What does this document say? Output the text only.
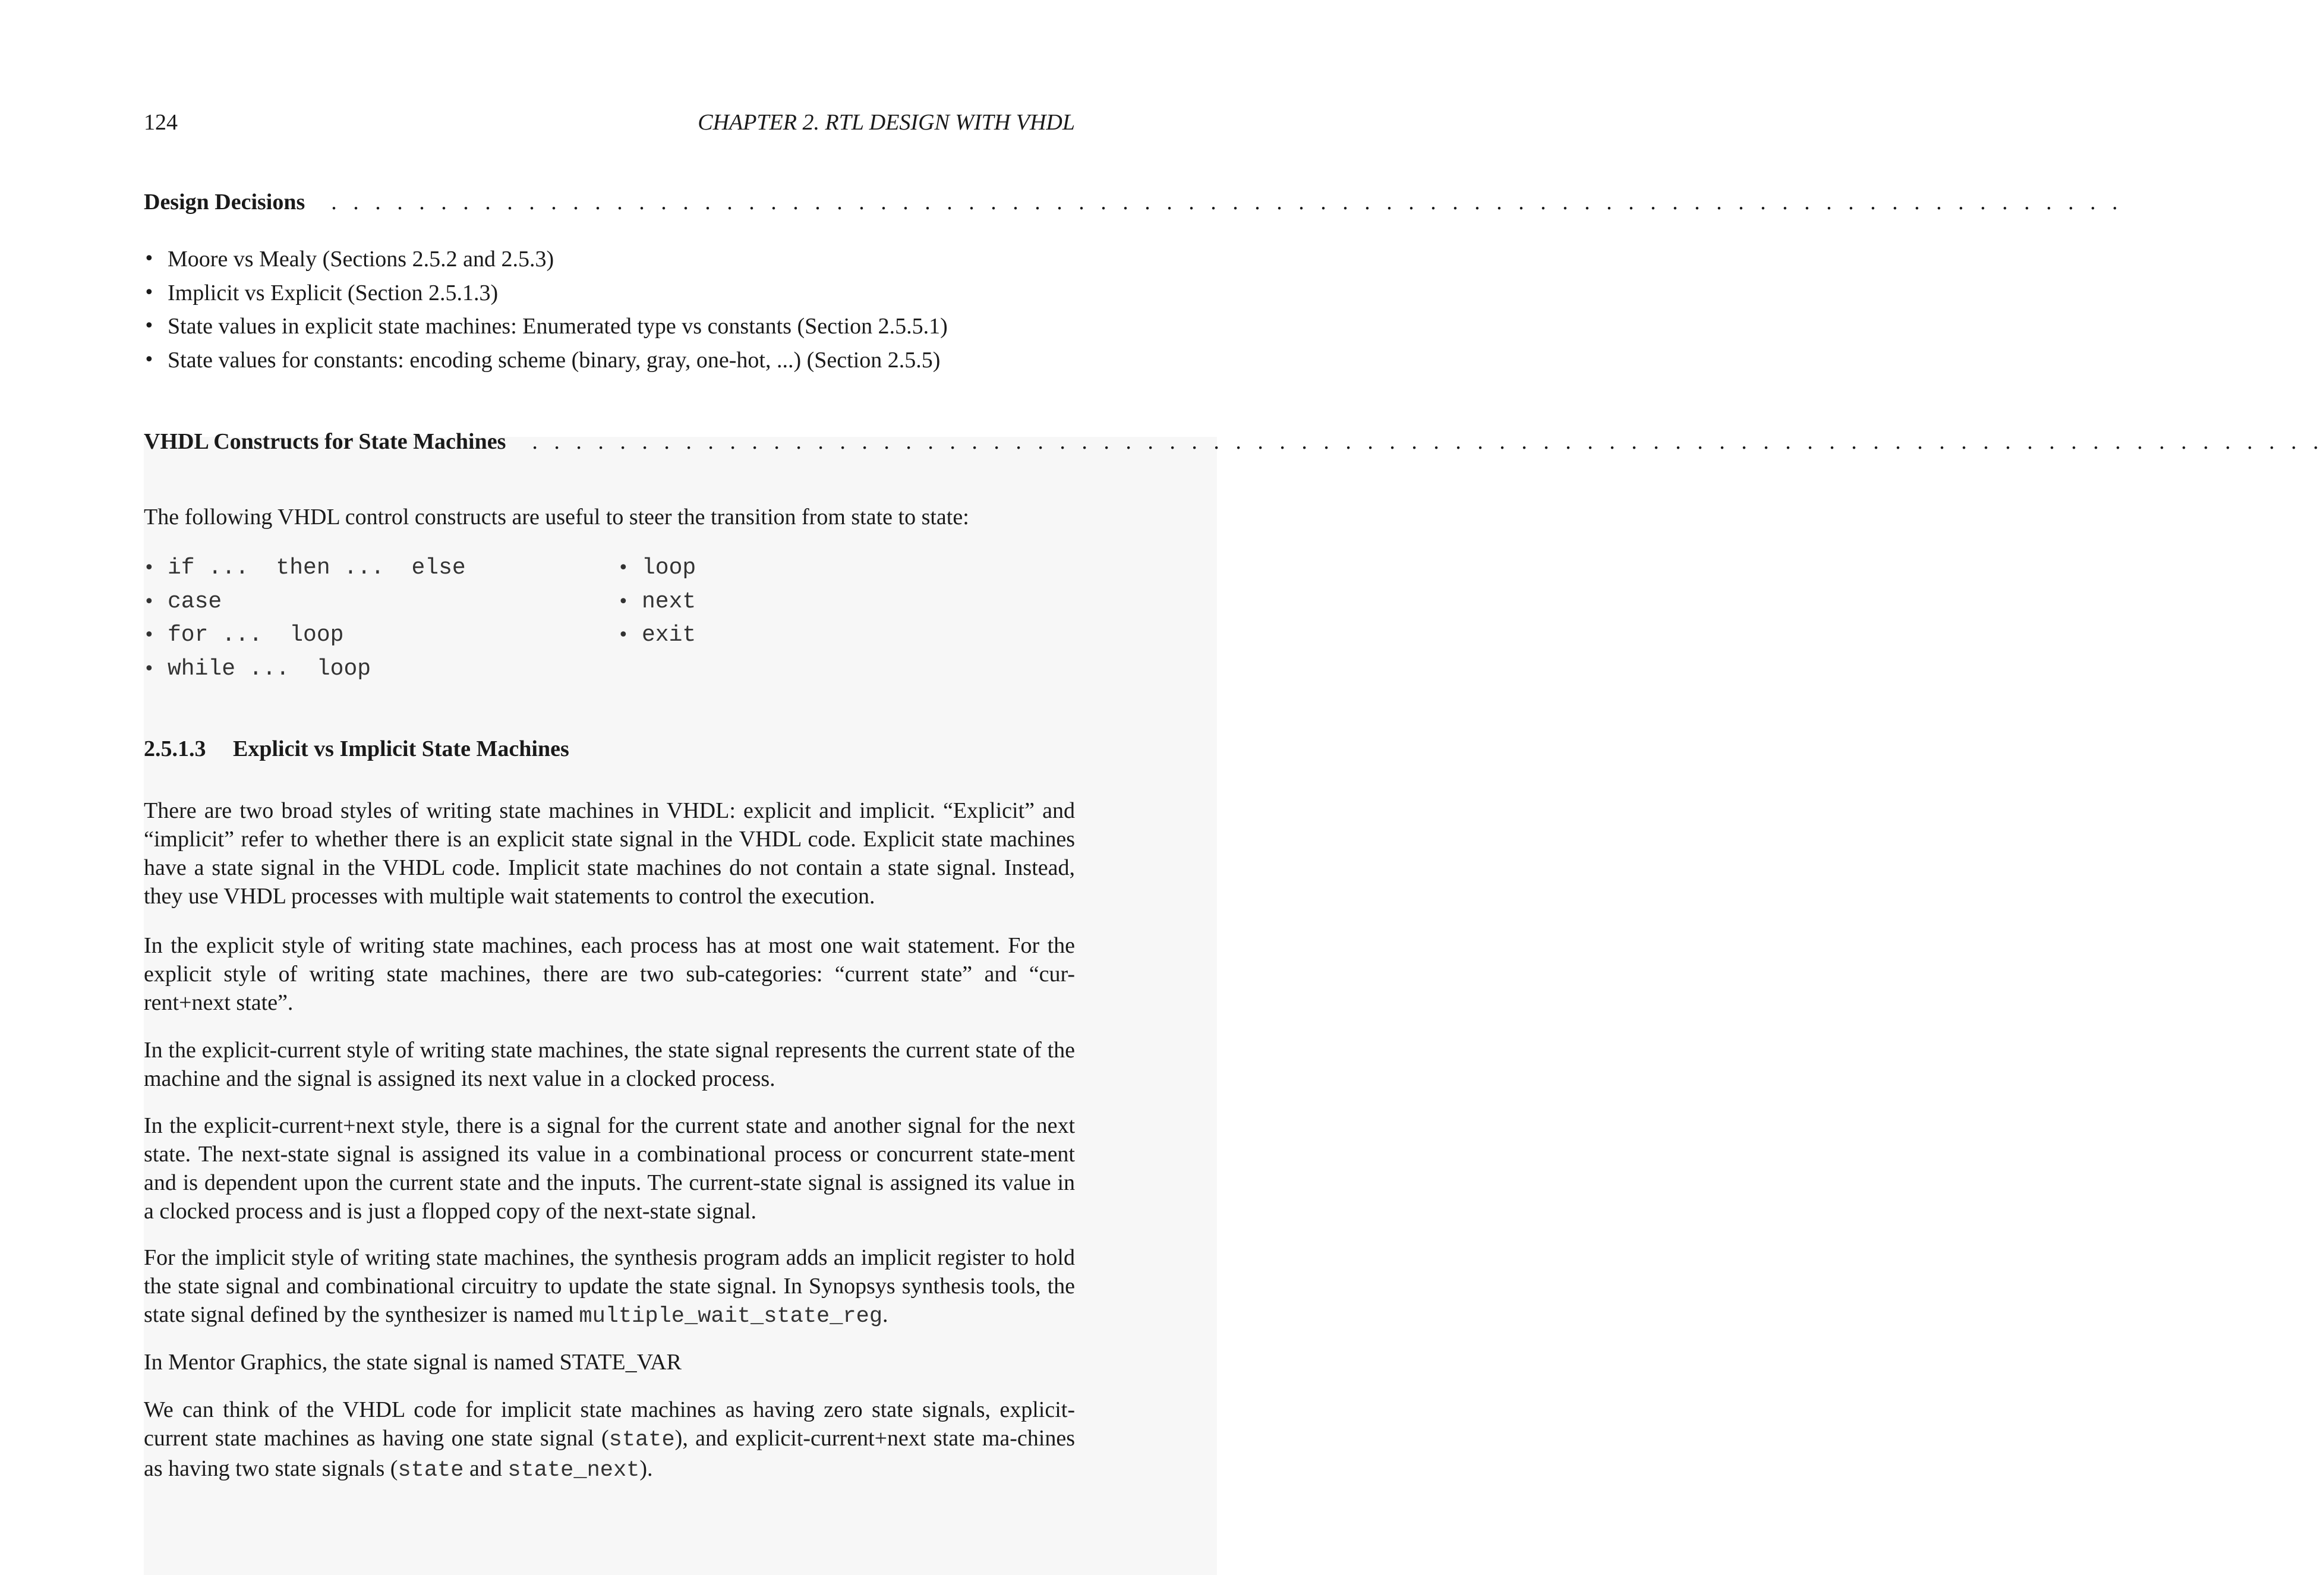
124	CHAPTER 2. RTL DESIGN WITH VHDL
Design Decisions	. . . . . . . . . . . . . . . . . . . . . . . . . . . . . . . . . . . . . . . . . . . . . . . . . . . . . . . . . . . . . . . . . . . . . . . . . . . . . . . . . .
• Moore vs Mealy (Sections 2.5.2 and 2.5.3)
• Implicit vs Explicit (Section 2.5.1.3)
• State values in explicit state machines: Enumerated type vs constants (Section 2.5.5.1)
• State values for constants: encoding scheme (binary, gray, one-hot, ...) (Section 2.5.5)
VHDL Constructs for State Machines	. . . . . . . . . . . . . . . . . . . . . . . . . . . . . . . . . . . . . . . . . . . . . . . . . . . . . . . . . . . . . . . . . . . . . . . . . . . . . . . . . .

The following VHDL control constructs are useful to steer the transition from state to state:

• if ...  then ...  else
• case
• for ...  loop
• while ...  loop
• loop
• next
• exit
2.5.1.3 Explicit vs Implicit State Machines

There are two broad styles of writing state machines in VHDL: explicit and implicit. “Explicit” and “implicit” refer to whether there is an explicit state signal in the VHDL code. Explicit state machines have a state signal in the VHDL code. Implicit state machines do not contain a state signal. Instead, they use VHDL processes with multiple wait statements to control the execution.

In the explicit style of writing state machines, each process has at most one wait statement. For the explicit style of writing state machines, there are two sub-categories: “current state” and “cur-rent+next state”.

In the explicit-current style of writing state machines, the state signal represents the current state of the machine and the signal is assigned its next value in a clocked process.

In the explicit-current+next style, there is a signal for the current state and another signal for the next state. The next-state signal is assigned its value in a combinational process or concurrent state-ment and is dependent upon the current state and the inputs. The current-state signal is assigned its value in a clocked process and is just a flopped copy of the next-state signal.

For the implicit style of writing state machines, the synthesis program adds an implicit register to hold the state signal and combinational circuitry to update the state signal. In Synopsys synthesis tools, the state signal defined by the synthesizer is named multiple_wait_state_reg.

In Mentor Graphics, the state signal is named STATE_VAR

We can think of the VHDL code for implicit state machines as having zero state signals, explicit-current state machines as having one state signal (state), and explicit-current+next state ma-chines as having two state signals (state and state_next).
